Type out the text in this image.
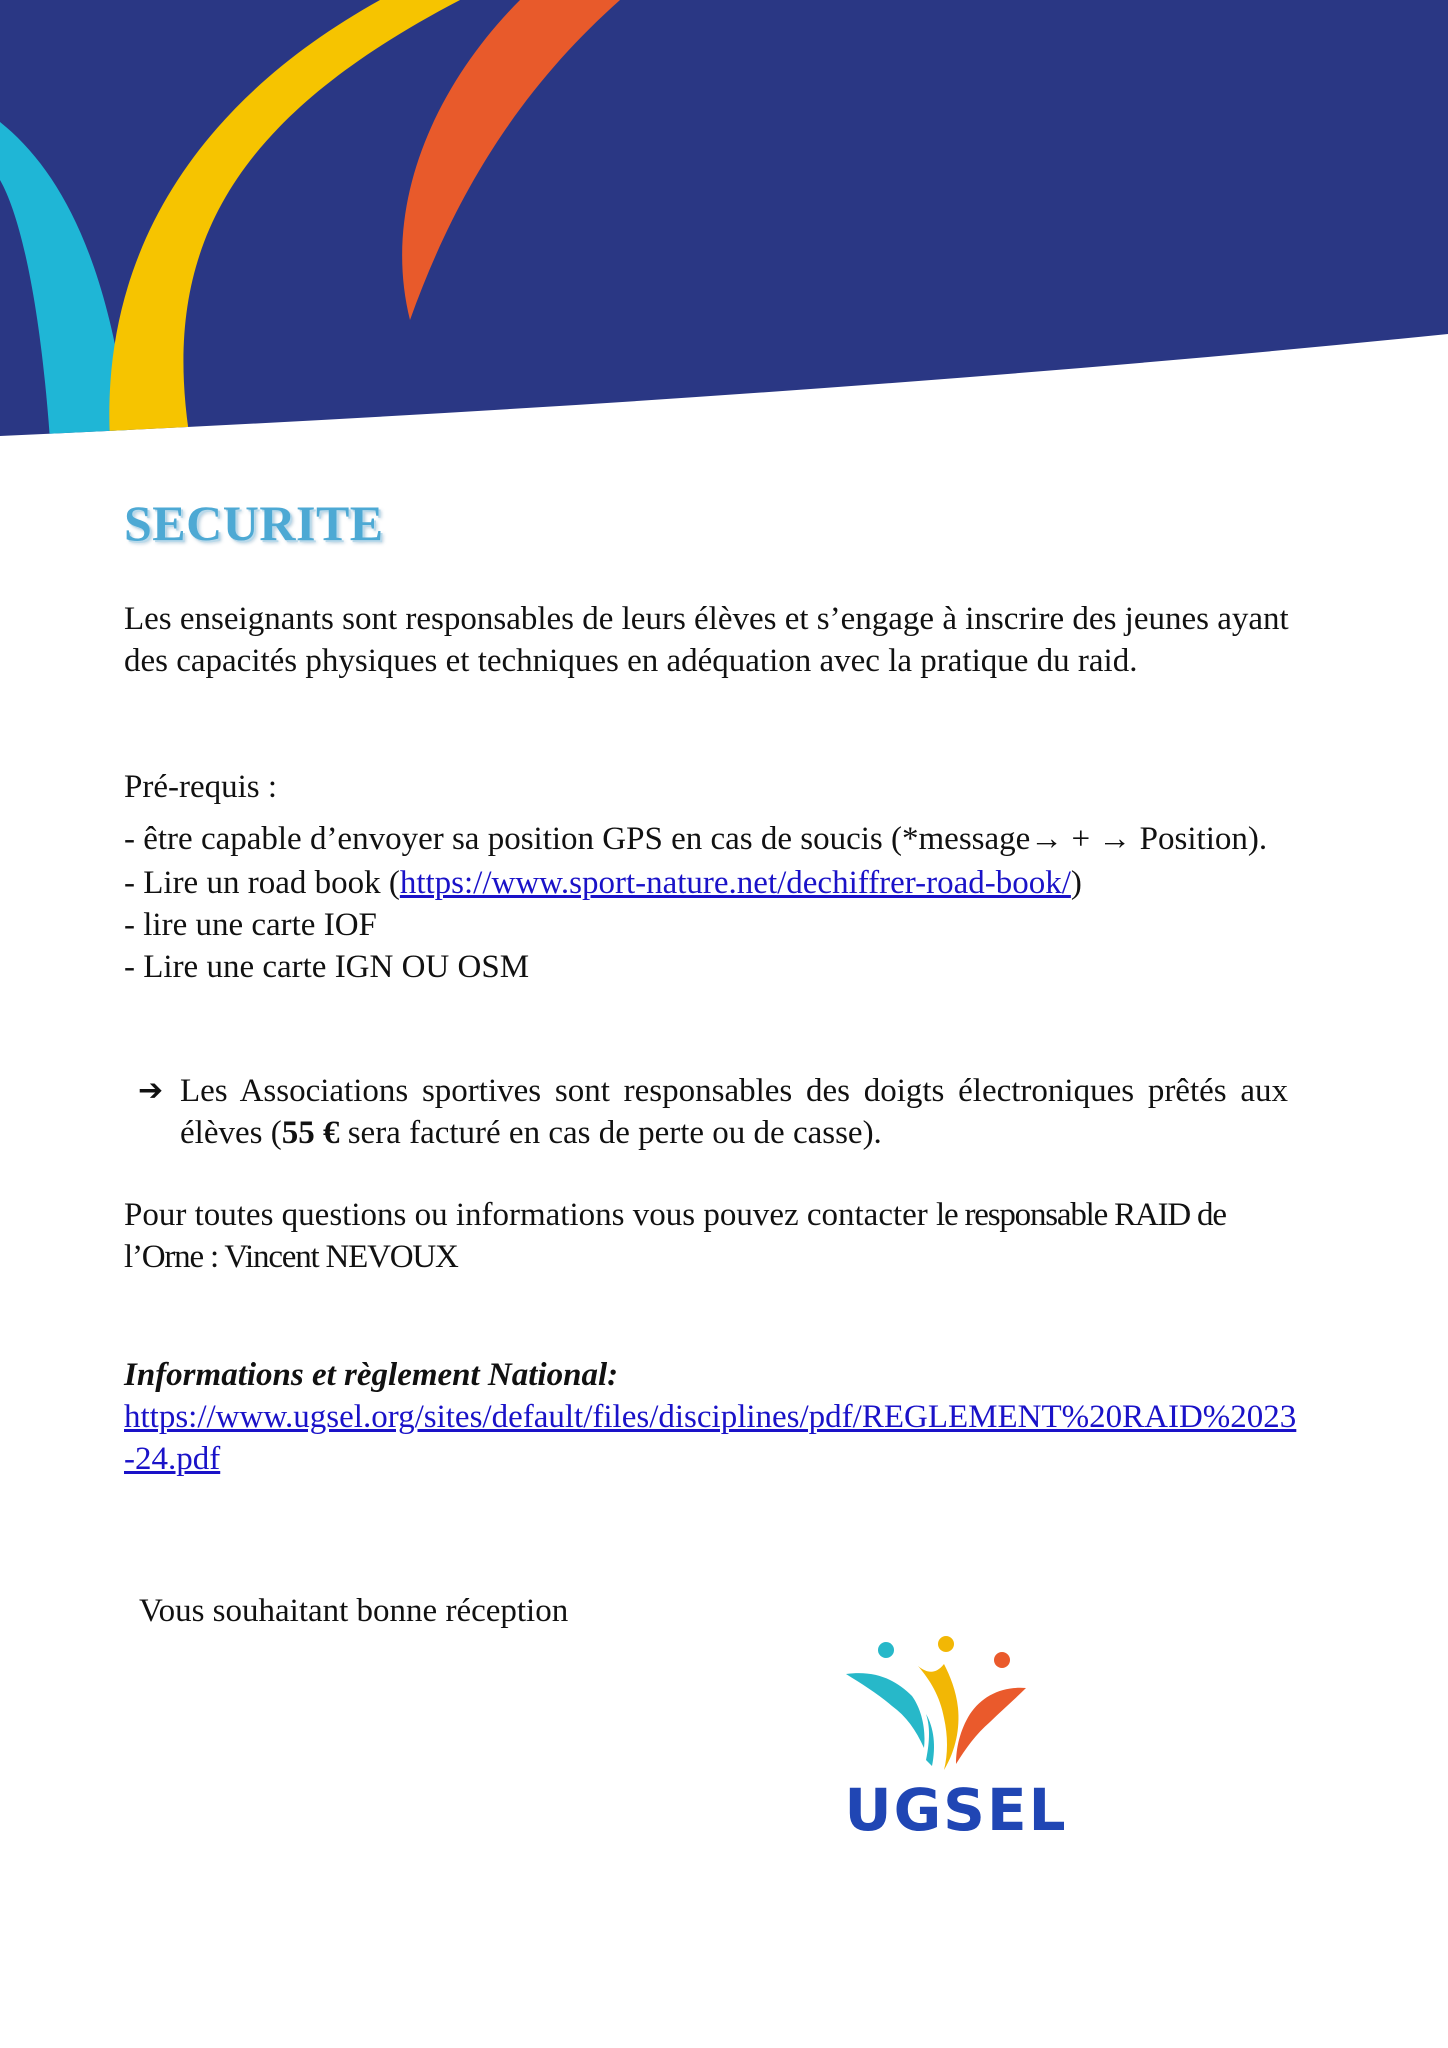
SECURITE

Les enseignants sont responsables de leurs élèves et s’engage à inscrire des jeunes ayant des capacités physiques et techniques en adéquation avec la pratique du raid.

Pré-requis :

- être capable d’envoyer sa position GPS en cas de soucis (*message→ + → Position).
- Lire un road book (https://www.sport-nature.net/dechiffrer-road-book/)
- lire une carte IOF
- Lire une carte IGN OU OSM
➔ Les Associations sportives sont responsables des doigts électroniques prêtés aux élèves (55 € sera facturé en cas de perte ou de casse).

Pour toutes questions ou informations vous pouvez contacter le responsable RAID de l’Orne : Vincent NEVOUX

Informations et règlement National:

https://www.ugsel.org/sites/default/files/disciplines/pdf/REGLEMENT%20RAID%2023-24.pdf

Vous souhaitant bonne réception

UGSEL
